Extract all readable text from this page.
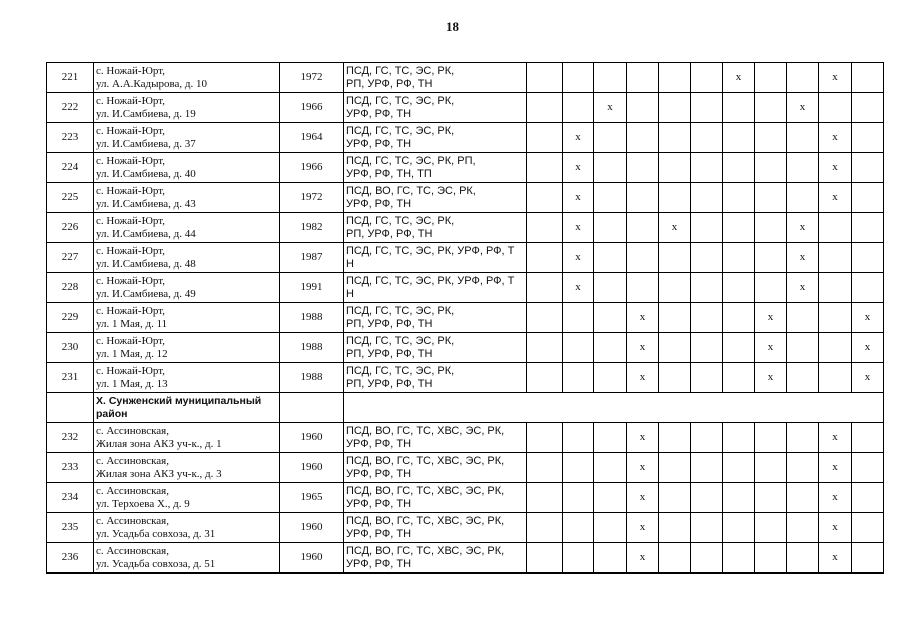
18
221	с. Ножай-Юрт,
ул. А.А.Кадырова, д. 10	1972	ПСД, ГС, ТС, ЭС, РК,
РП, УРФ, РФ, ТН							x			x	
222	с. Ножай-Юрт,
ул. И.Самбиева, д. 19	1966	ПСД, ГС, ТС, ЭС, РК,
УРФ, РФ, ТН			x						x		
223	с. Ножай-Юрт,
ул. И.Самбиева, д. 37	1964	ПСД, ГС, ТС, ЭС, РК,
УРФ, РФ, ТН		x								x	
224	с. Ножай-Юрт,
ул. И.Самбиева, д. 40	1966	ПСД, ГС, ТС, ЭС, РК, РП,
УРФ, РФ, ТН, ТП		x								x	
225	с. Ножай-Юрт,
ул. И.Самбиева, д. 43	1972	ПСД, ВО, ГС, ТС, ЭС, РК,
УРФ, РФ, ТН		x								x	
226	с. Ножай-Юрт,
ул. И.Самбиева, д. 44	1982	ПСД, ГС, ТС, ЭС, РК,
РП, УРФ, РФ, ТН		x			x				x		
227	с. Ножай-Юрт,
ул. И.Самбиева, д. 48	1987	ПСД, ГС, ТС, ЭС, РК, УРФ, РФ, Т
Н		x							x		
228	с. Ножай-Юрт,
ул. И.Самбиева, д. 49	1991	ПСД, ГС, ТС, ЭС, РК, УРФ, РФ, Т
Н		x							x		
229	с. Ножай-Юрт,
ул. 1 Мая, д. 11	1988	ПСД, ГС, ТС, ЭС, РК,
РП, УРФ, РФ, ТН				x				x			x
230	с. Ножай-Юрт,
ул. 1 Мая, д. 12	1988	ПСД, ГС, ТС, ЭС, РК,
РП, УРФ, РФ, ТН				x				x			x
231	с. Ножай-Юрт,
ул. 1 Мая, д. 13	1988	ПСД, ГС, ТС, ЭС, РК,
РП, УРФ, РФ, ТН				x				x			x

	X. Сунженский муниципальный
район													

232	с. Ассиновская,
Жилая зона АКЗ уч-к., д. 1	1960	ПСД, ВО, ГС, ТС, ХВС, ЭС, РК,
УРФ, РФ, ТН				x						x	
233	с. Ассиновская,
Жилая зона АКЗ уч-к., д. 3	1960	ПСД, ВО, ГС, ТС, ХВС, ЭС, РК,
УРФ, РФ, ТН				x						x	
234	с. Ассиновская,
ул. Терхоева Х., д. 9	1965	ПСД, ВО, ГС, ТС, ХВС, ЭС, РК,
УРФ, РФ, ТН				x						x	
235	с. Ассиновская,
ул. Усадьба совхоза, д. 31	1960	ПСД, ВО, ГС, ТС, ХВС, ЭС, РК,
УРФ, РФ, ТН				x						x	
236	с. Ассиновская,
ул. Усадьба совхоза, д. 51	1960	ПСД, ВО, ГС, ТС, ХВС, ЭС, РК,
УРФ, РФ, ТН				x						x	
